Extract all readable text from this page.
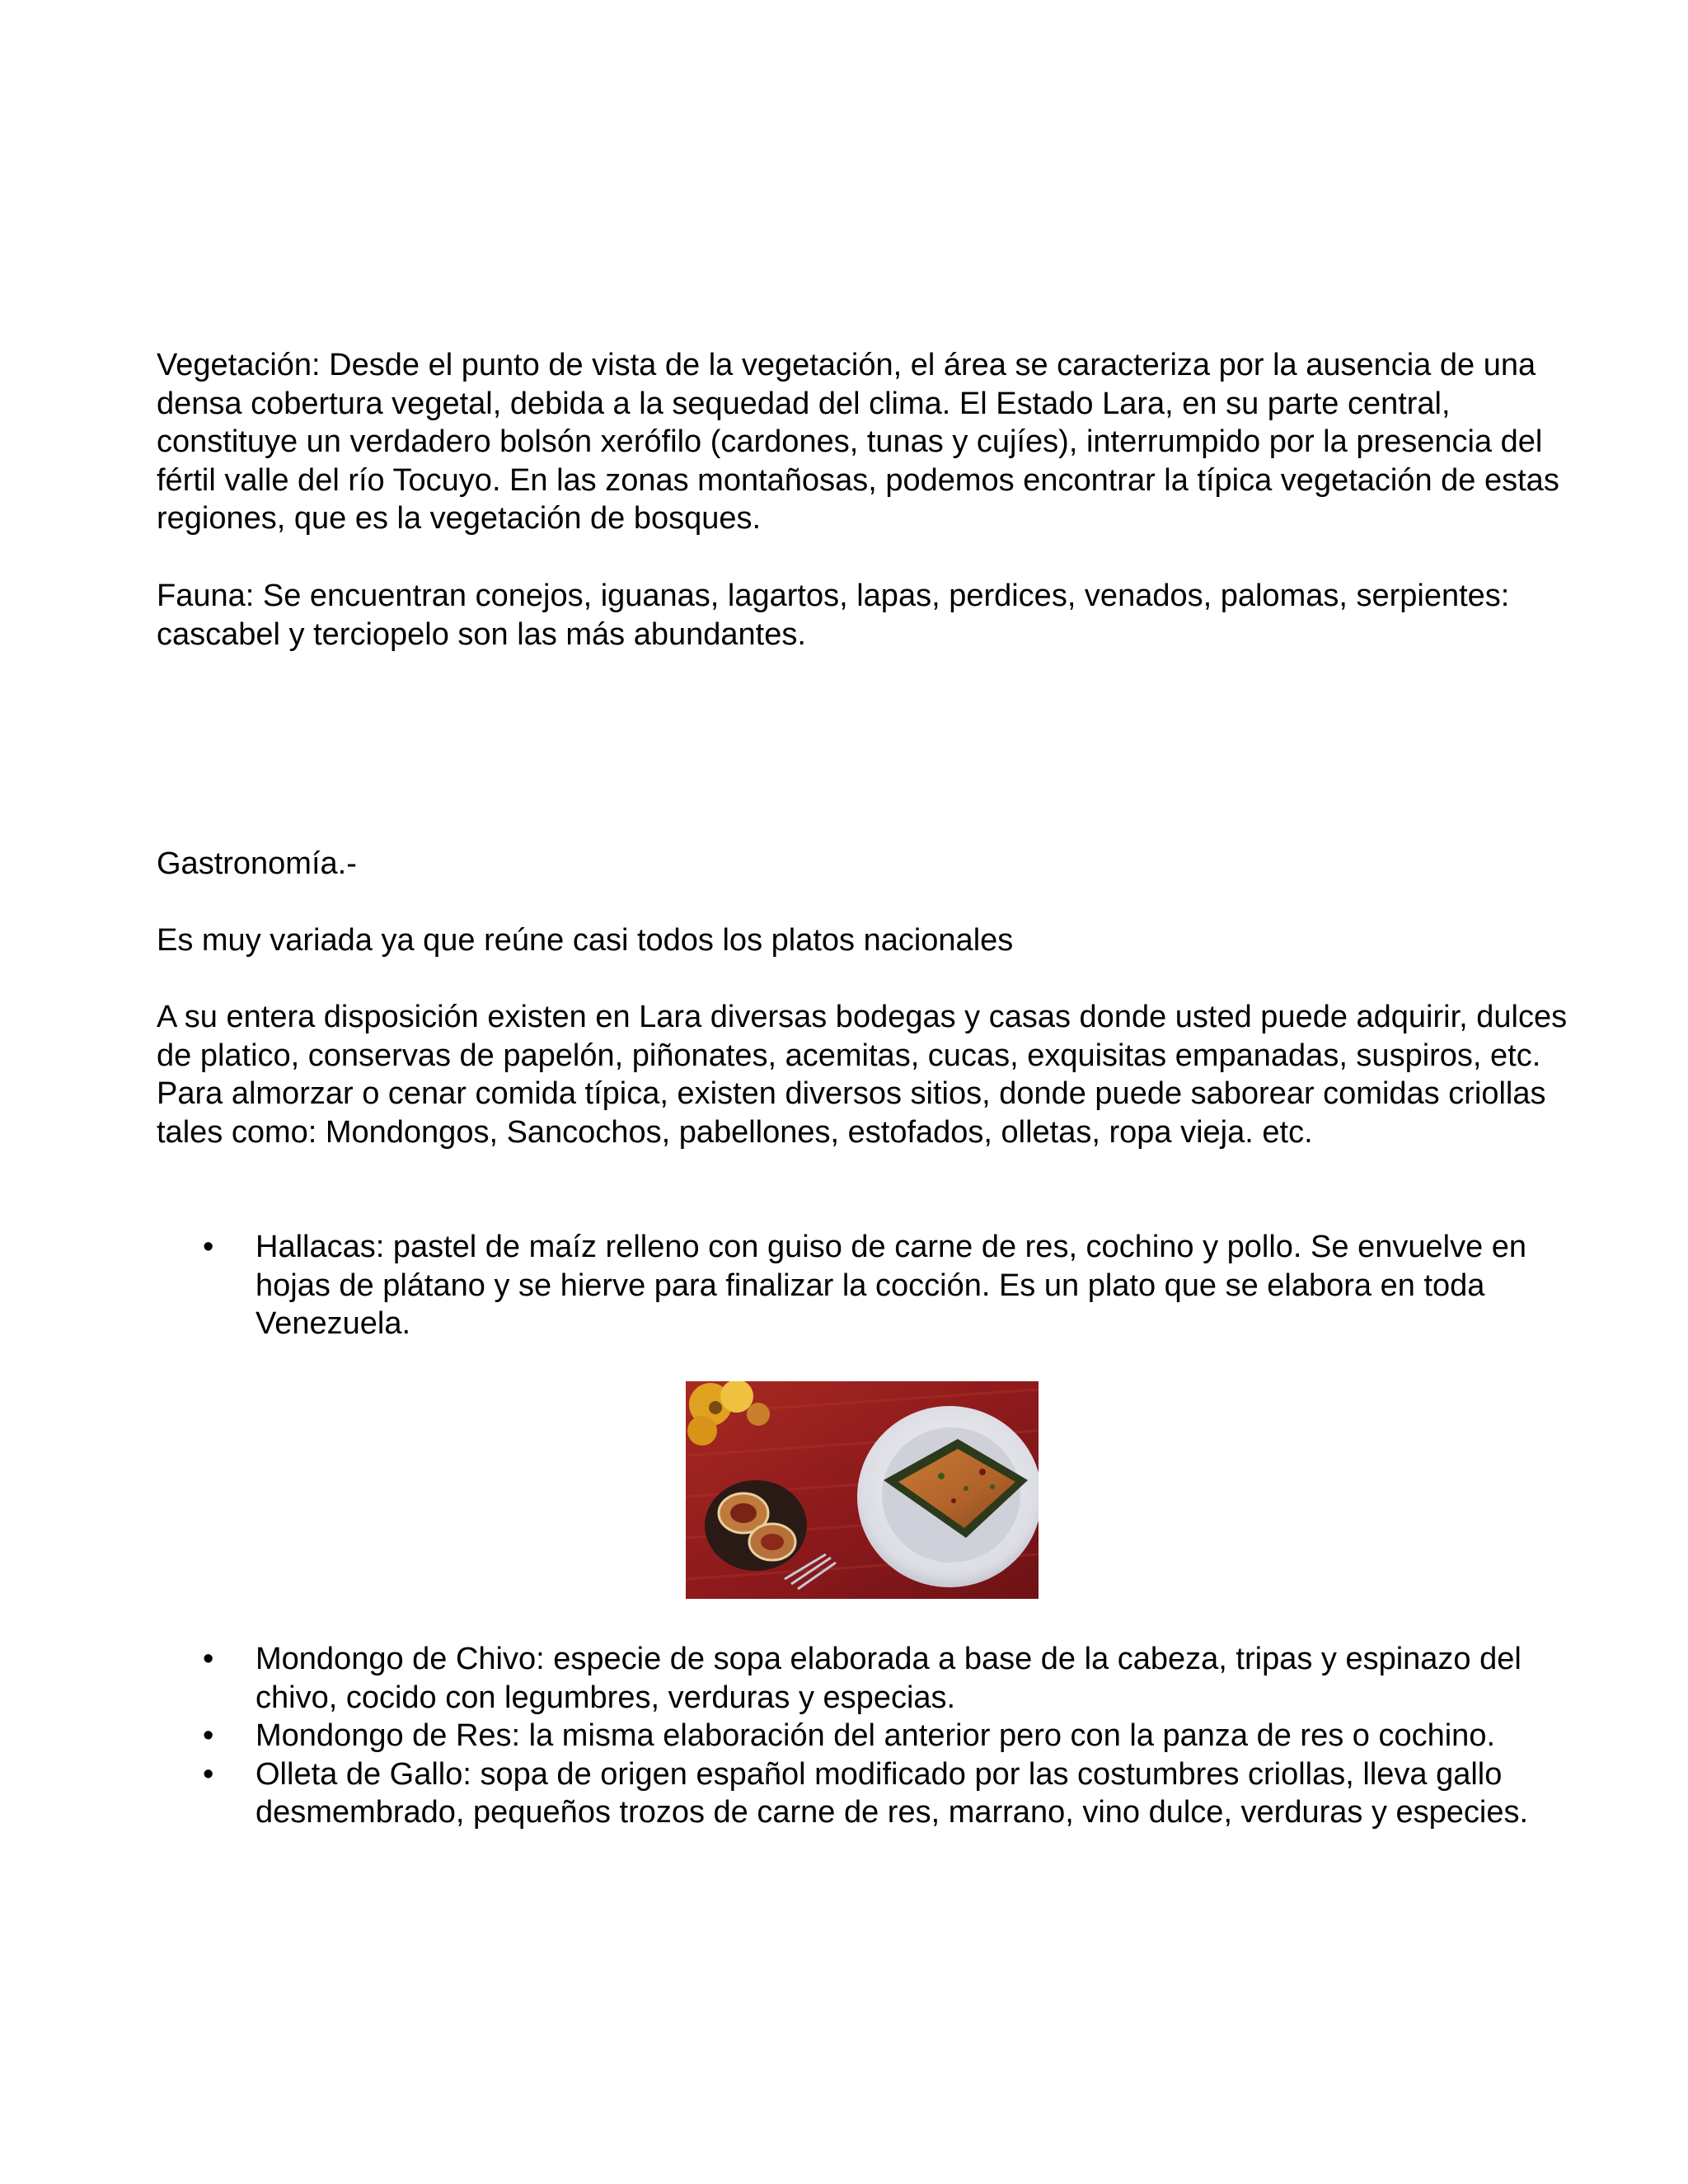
Vegetación: Desde el punto de vista de la vegetación, el área se caracteriza por la ausencia de una densa cobertura vegetal, debida a la sequedad del clima. El Estado Lara, en su parte central, constituye un verdadero bolsón xerófilo (cardones, tunas y cujíes), interrumpido por la presencia del fértil valle del río Tocuyo. En las zonas montañosas, podemos encontrar la típica vegetación de estas regiones, que es la vegetación de bosques.

Fauna: Se encuentran conejos, iguanas, lagartos, lapas, perdices, venados, palomas, serpientes: cascabel y terciopelo son las más abundantes.

Gastronomía.-

Es muy variada ya que reúne casi todos los platos nacionales

A su entera disposición existen en Lara diversas bodegas y casas donde usted puede adquirir, dulces de platico, conservas de papelón, piñonates, acemitas, cucas, exquisitas empanadas, suspiros, etc. Para almorzar o cenar comida típica, existen diversos sitios, donde puede saborear comidas criollas tales como: Mondongos, Sancochos, pabellones, estofados, olletas, ropa vieja. etc.

• Hallacas: pastel de maíz relleno con guiso de carne de res, cochino y pollo. Se envuelve en hojas de plátano y se hierve para finalizar la cocción. Es un plato que se elabora en toda Venezuela.
• Mondongo de Chivo: especie de sopa elaborada a base de la cabeza, tripas y espinazo del chivo, cocido con legumbres, verduras y especias.
• Mondongo de Res: la misma elaboración del anterior pero con la panza de res o cochino.
• Olleta de Gallo: sopa de origen español modificado por las costumbres criollas, lleva gallo desmembrado, pequeños trozos de carne de res, marrano, vino dulce, verduras y especies.
